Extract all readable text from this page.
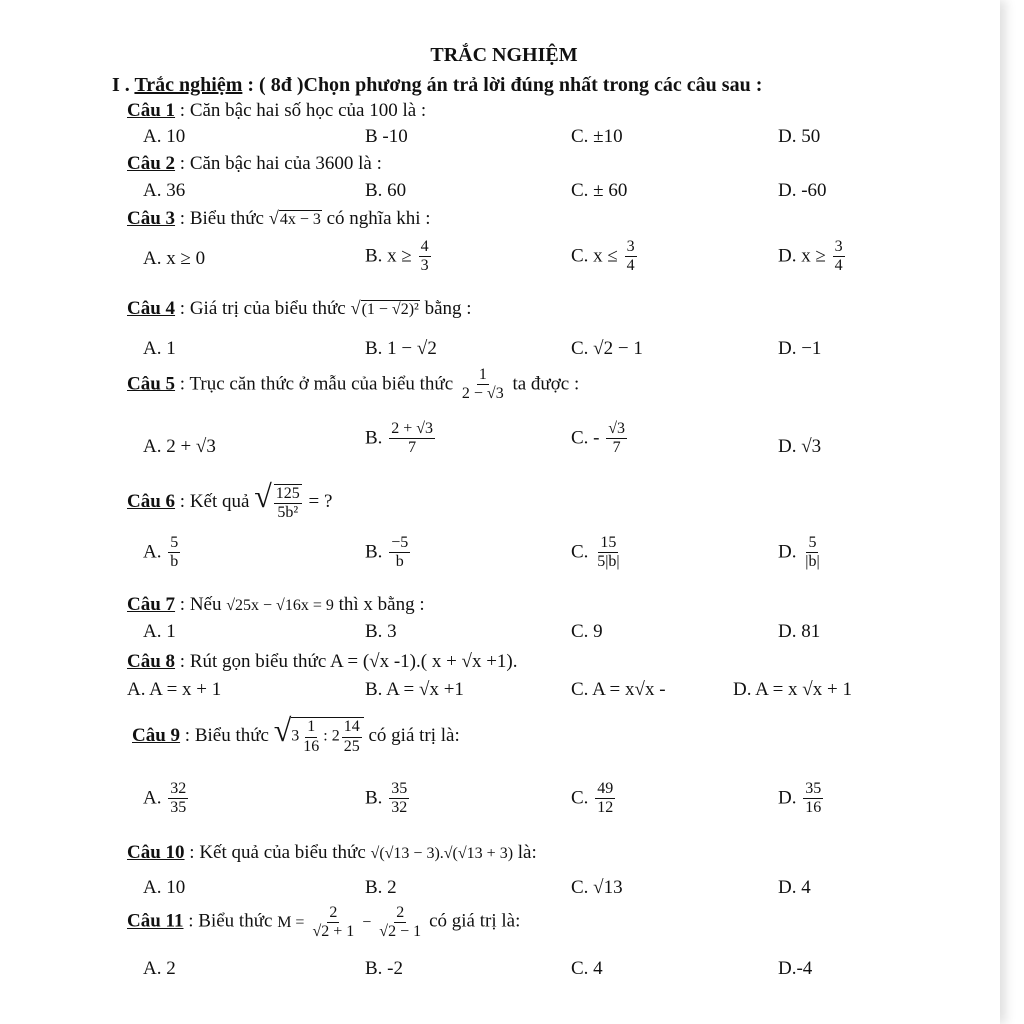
TRẮC NGHIỆM
I . Trắc nghiệm : ( 8đ )Chọn phương án trả lời đúng nhất trong các câu sau :
Câu 1 : Căn bậc hai số học của 100 là :
A. 10	B -10	C. ±10	D. 50
Câu 2 : Căn bậc hai của 3600 là :
A. 36	B. 60	C. ± 60	D. -60
Câu 3 : Biểu thức √4x − 3 có nghĩa khi :
A. x ≥ 0	B. $x \ge \frac{4}{3}$	C. $x \le \frac{3}{4}$	D. $x \ge \frac{3}{4}$
Câu 4 : Giá trị của biểu thức √(1 − √2)² bằng :
A. 1	B. 1 − √2	C. √2 − 1	D. −1
Câu 5 : Trục căn thức ở mẫu của biểu thức $\frac{1}{2 - √3}$ ta được :
A. 2 + √3	B. $\frac{2 + √3}{7}$	C. - $\frac{√3}{7}$	D. √3
Câu 6 : Kết quả √ $\frac{125}{\text{5b²}}$ = ?
A. $\frac{5}{b}$	B. $\frac{-5}{b}$	C. $\frac{15}{5|b|}$	D. $\frac{5}{|b|}$
Câu 7 : Nếu √25x − √16x = 9 thì x bằng :
A. 1	B. 3	C. 9	D. 81
Câu 8 : Rút gọn biểu thức A = (√x -1).( x + √x +1).
A. A = x + 1	B. A = √x +1	C. A = x√x -	D. A = x √x + 1
Câu 9 : Biểu thức $√3 \frac{1}{16}$ : $2 \frac{14}{25}$ có giá trị là:
A. $\frac{32}{35}$	B. $\frac{35}{32}$	C. $\frac{49}{12}$	D. $\frac{35}{16}$
Câu 10 : Kết quả của biểu thức √(√13 − 3).√(√13 + 3) là:
A. 10	B. 2	C. √13	D. 4
Câu 11 : Biểu thức $M = \frac{2}{√2 + 1} - \frac{2}{√2 - 1}$ có giá trị là:
A. 2	B. -2	C. 4	D.-4
